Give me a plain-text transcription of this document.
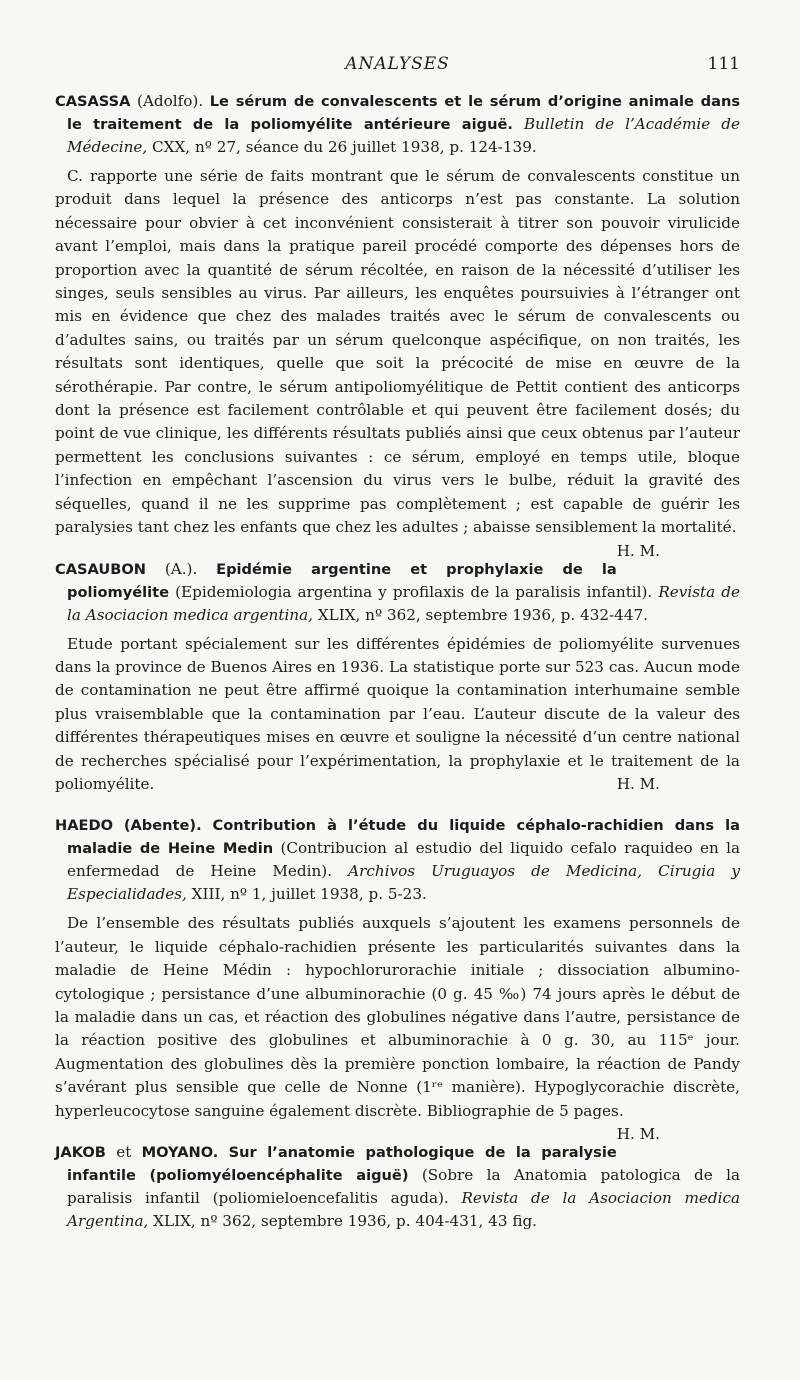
ANALYSES	111

CASASSA (Adolfo). Le sérum de convalescents et le sérum d’origine animale dans le traitement de la poliomyélite antérieure aiguë. Bulletin de l’Académie de Médecine, CXX, nº 27, séance du 26 juillet 1938, p. 124-139.

C. rapporte une série de faits montrant que le sérum de convalescents constitue un produit dans lequel la présence des anticorps n’est pas constante. La solution nécessaire pour obvier à cet inconvénient consisterait à titrer son pouvoir virulicide avant l’emploi, mais dans la pratique pareil procédé comporte des dépenses hors de proportion avec la quantité de sérum récoltée, en raison de la nécessité d’utiliser les singes, seuls sensibles au virus. Par ailleurs, les enquêtes poursuivies à l’étranger ont mis en évidence que chez des malades traités avec le sérum de convalescents ou d’adultes sains, ou traités par un sérum quelconque aspécifique, on non traités, les résultats sont identiques, quelle que soit la précocité de mise en œuvre de la sérothérapie. Par contre, le sérum antipoliomyélitique de Pettit contient des anticorps dont la présence est facilement contrôlable et qui peuvent être facilement dosés; du point de vue clinique, les différents résultats publiés ainsi que ceux obtenus par l’auteur permettent les conclusions suivantes : ce sérum, employé en temps utile, bloque l’infection en empêchant l’ascension du virus vers le bulbe, réduit la gravité des séquelles, quand il ne les supprime pas complètement ; est capable de guérir les paralysies tant chez les enfants que chez les adultes ; abaisse sensiblement la mortalité.
H. M.

CASAUBON (A.). Epidémie argentine et prophylaxie de la poliomyélite (Epidemiologia argentina y profilaxis de la paralisis infantil). Revista de la Asociacion medica argentina, XLIX, nº 362, septembre 1936, p. 432-447.

Etude portant spécialement sur les différentes épidémies de poliomyélite survenues dans la province de Buenos Aires en 1936. La statistique porte sur 523 cas. Aucun mode de contamination ne peut être affirmé quoique la contamination interhumaine semble plus vraisemblable que la contamination par l’eau. L’auteur discute de la valeur des différentes thérapeutiques mises en œuvre et souligne la nécessité d’un centre national de recherches spécialisé pour l’expérimentation, la prophylaxie et le traitement de la poliomyélite.	H. M.

HAEDO (Abente). Contribution à l’étude du liquide céphalo-rachidien dans la maladie de Heine Medin (Contribucion al estudio del liquido cefalo raquideo en la enfermedad de Heine Medin). Archivos Uruguayos de Medicina, Cirugia y Especialidades, XIII, nº 1, juillet 1938, p. 5-23.

De l’ensemble des résultats publiés auxquels s’ajoutent les examens personnels de l’auteur, le liquide céphalo-rachidien présente les particularités suivantes dans la maladie de Heine Médin : hypochlorurorachie initiale ; dissociation albumino-cytologique ; persistance d’une albuminorachie (0 g. 45 ‰) 74 jours après le début de la maladie dans un cas, et réaction des globulines négative dans l’autre, persistance de la réaction positive des globulines et albuminorachie à 0 g. 30, au 115ᵉ jour. Augmentation des globulines dès la première ponction lombaire, la réaction de Pandy s’avérant plus sensible que celle de Nonne (1ʳᵉ manière). Hypoglycorachie discrète, hyperleucocytose sanguine également discrète. Bibliographie de 5 pages.
H. M.

JAKOB et MOYANO. Sur l’anatomie pathologique de la paralysie infantile (poliomyéloencéphalite aiguë) (Sobre la Anatomia patologica de la paralisis infantil (poliomieloencefalitis aguda). Revista de la Asociacion medica Argentina, XLIX, nº 362, septembre 1936, p. 404-431, 43 fig.
